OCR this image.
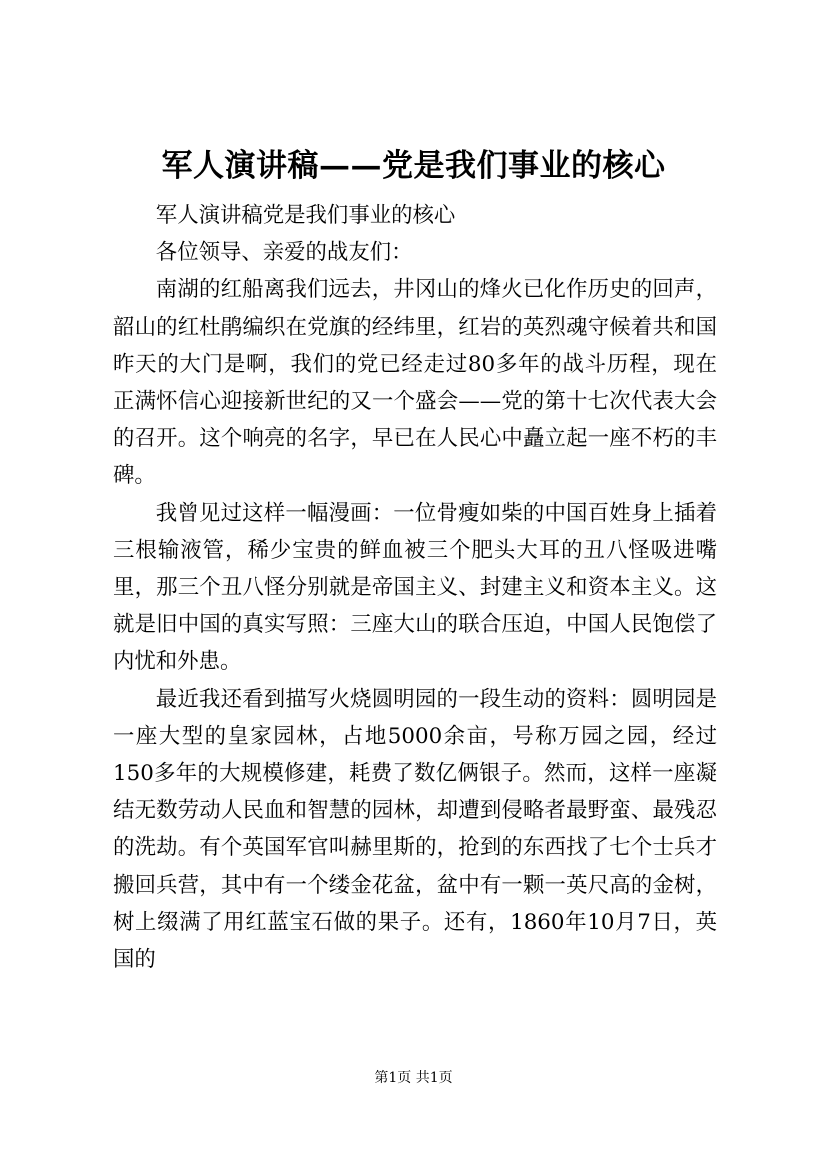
军人演讲稿——党是我们事业的核心

军人演讲稿党是我们事业的核心

各位领导、亲爱的战友们：

南湖的红船离我们远去，井冈山的烽火已化作历史的回声，韶山的红杜鹃编织在党旗的经纬里，红岩的英烈魂守候着共和国昨天的大门是啊，我们的党已经走过80多年的战斗历程，现在正满怀信心迎接新世纪的又一个盛会——党的第十七次代表大会的召开。这个响亮的名字，早已在人民心中矗立起一座不朽的丰碑。

我曾见过这样一幅漫画：一位骨瘦如柴的中国百姓身上插着三根输液管，稀少宝贵的鲜血被三个肥头大耳的丑八怪吸进嘴里，那三个丑八怪分别就是帝国主义、封建主义和资本主义。这就是旧中国的真实写照：三座大山的联合压迫，中国人民饱偿了内忧和外患。

最近我还看到描写火烧圆明园的一段生动的资料：圆明园是一座大型的皇家园林，占地5000余亩，号称万园之园，经过150多年的大规模修建，耗费了数亿俩银子。然而，这样一座凝结无数劳动人民血和智慧的园林，却遭到侵略者最野蛮、最残忍的洗劫。有个英国军官叫赫里斯的，抢到的东西找了七个士兵才搬回兵营，其中有一个缕金花盆，盆中有一颗一英尺高的金树，树上缀满了用红蓝宝石做的果子。还有，1860年10月7日，英国的

第1页 共1页
